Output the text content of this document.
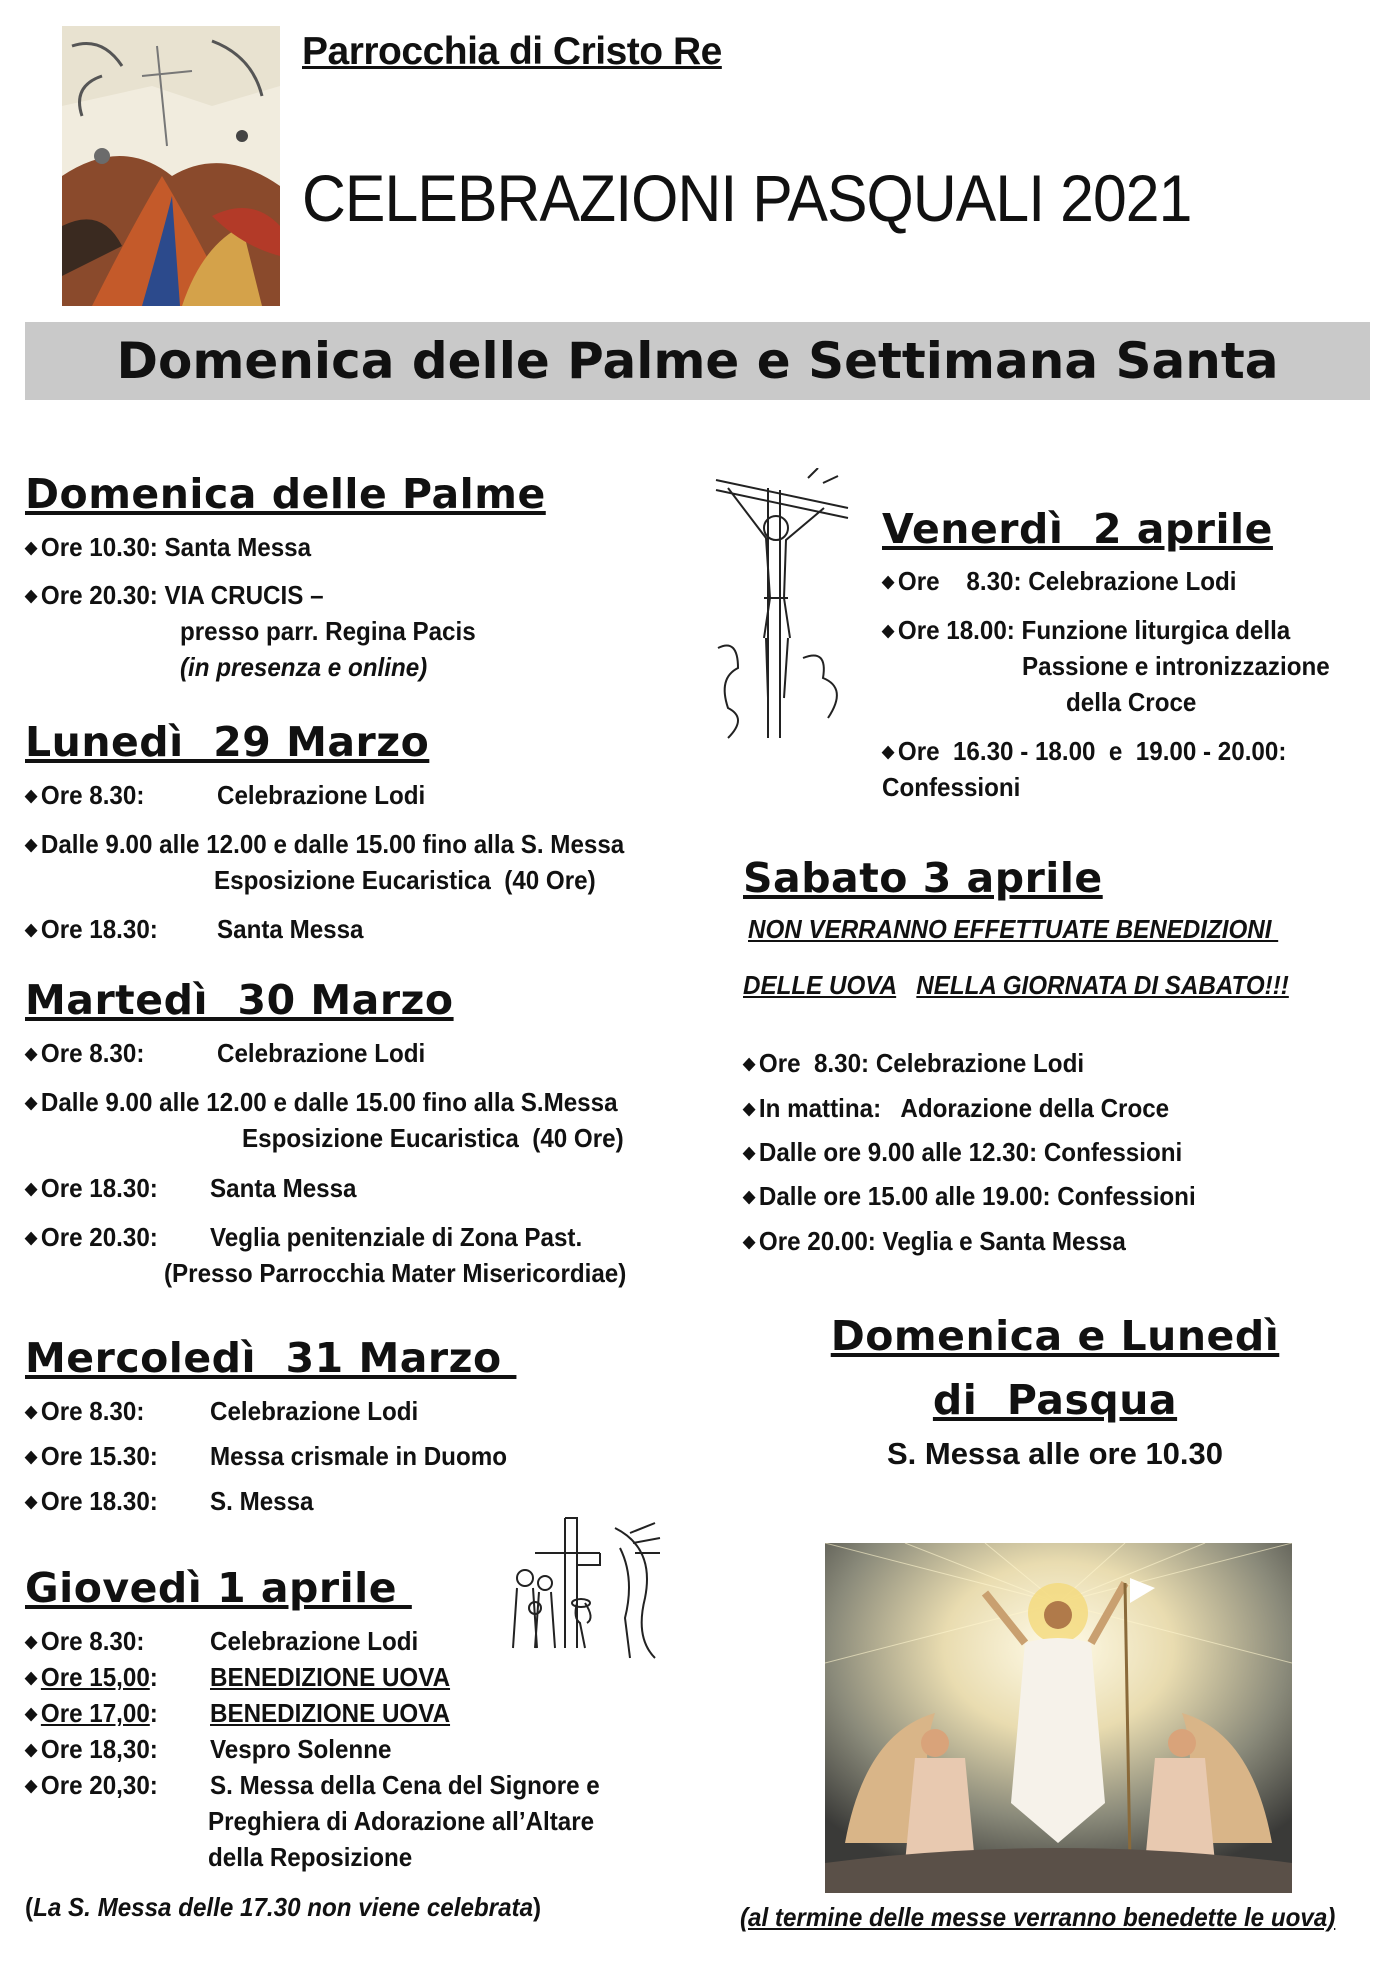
Parrocchia di Cristo Re
CELEBRAZIONI PASQUALI 2021
Domenica delle Palme e Settimana Santa
Domenica delle Palme
◆ Ore 10.30: Santa Messa
◆ Ore 20.30: VIA CRUCIS –
presso parr. Regina Pacis
(in presenza e online)
Lunedì  29 Marzo
◆ Ore 8.30:	Celebrazione Lodi
◆ Dalle 9.00 alle 12.00 e dalle 15.00 fino alla S. Messa
Esposizione Eucaristica  (40 Ore)
◆ Ore 18.30: Santa Messa
Martedì  30 Marzo
◆ Ore 8.30:	Celebrazione Lodi
◆ Dalle 9.00 alle 12.00 e dalle 15.00 fino alla S.Messa
Esposizione Eucaristica  (40 Ore)
◆ Ore 18.30: Santa Messa
◆ Ore 20.30: Veglia penitenziale di Zona Past.
(Presso Parrocchia Mater Misericordiae)
Mercoledì  31 Marzo
◆ Ore 8.30:	Celebrazione Lodi
◆ Ore 15.30: Messa crismale in Duomo
◆ Ore 18.30: S. Messa
Giovedì 1 aprile
◆ Ore 8.30:	Celebrazione Lodi
◆ Ore 15,00: BENEDIZIONE UOVA
◆ Ore 17,00: BENEDIZIONE UOVA
◆ Ore 18,30: Vespro Solenne
◆ Ore 20,30: S. Messa della Cena del Signore e
Preghiera di Adorazione all’Altare
della Reposizione
(La S. Messa delle 17.30 non viene celebrata)
Venerdì  2 aprile
◆ Ore    8.30: Celebrazione Lodi
◆ Ore 18.00: Funzione liturgica della
Passione e intronizzazione
della Croce
◆ Ore  16.30 - 18.00  e  19.00 - 20.00:
Confessioni
Sabato 3 aprile
NON VERRANNO EFFETTUATE BENEDIZIONI
DELLE UOVA NELLA GIORNATA DI SABATO!!!
◆ Ore  8.30: Celebrazione Lodi
◆ In mattina:   Adorazione della Croce
◆ Dalle ore 9.00 alle 12.30: Confessioni
◆ Dalle ore 15.00 alle 19.00: Confessioni
◆ Ore 20.00: Veglia e Santa Messa
Domenica e Lunedì
di  Pasqua
S. Messa alle ore 10.30
(al termine delle messe verranno benedette le uova)
